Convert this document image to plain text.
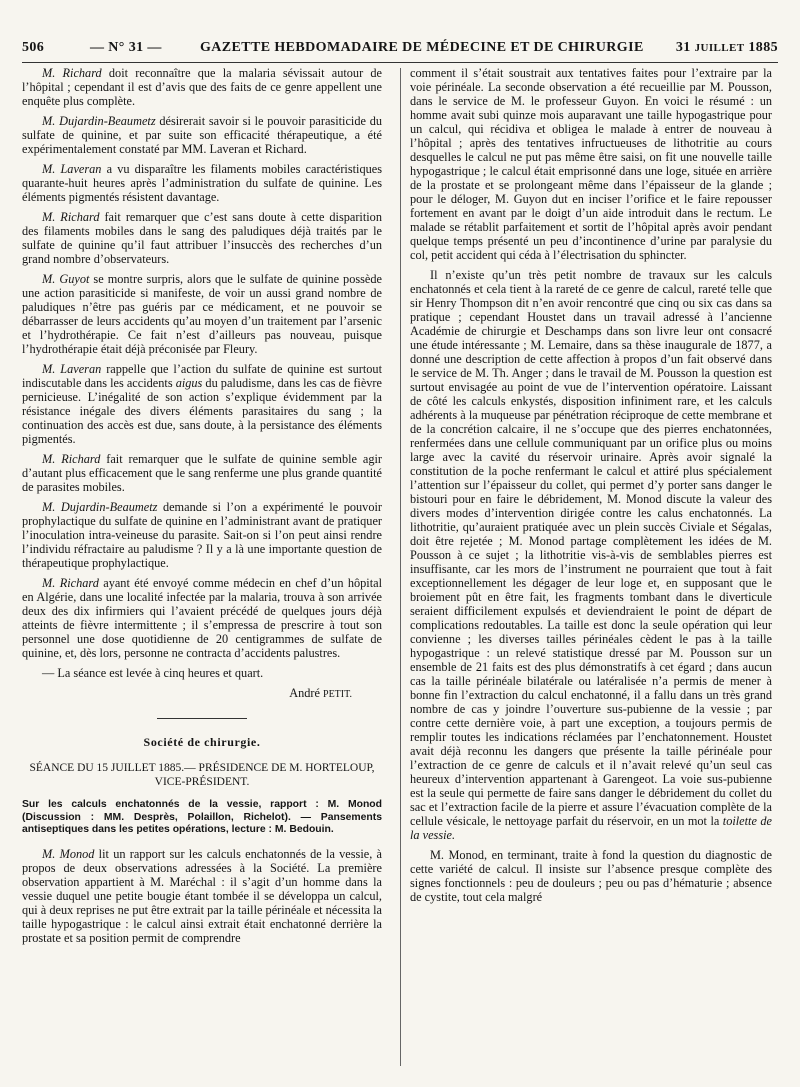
506	— N° 31 —	GAZETTE HEBDOMADAIRE DE MÉDECINE ET DE CHIRURGIE 31 JUILLET 1885

M. Richard doit reconnaître que la malaria sévissait autour de l’hôpital ; cependant il est d’avis que des faits de ce genre appellent une enquête plus complète.

M. Dujardin-Beaumetz désirerait savoir si le pouvoir parasiticide du sulfate de quinine, et par suite son efficacité thérapeutique, a été expérimentalement constaté par MM. Laveran et Richard.

M. Laveran a vu disparaître les filaments mobiles caractéristiques quarante-huit heures après l’administration du sulfate de quinine. Les éléments pigmentés résistent davantage.

M. Richard fait remarquer que c’est sans doute à cette disparition des filaments mobiles dans le sang des paludiques déjà traités par le sulfate de quinine qu’il faut attribuer l’insuccès des recherches d’un grand nombre d’observateurs.

M. Guyot se montre surpris, alors que le sulfate de quinine possède une action parasiticide si manifeste, de voir un aussi grand nombre de paludiques n’être pas guéris par ce médicament, et ne pouvoir se débarrasser de leurs accidents qu’au moyen d’un traitement par l’arsenic et l’hydrothérapie. Ce fait n’est d’ailleurs pas nouveau, puisque l’hydrothérapie était déjà préconisée par Fleury.

M. Laveran rappelle que l’action du sulfate de quinine est surtout indiscutable dans les accidents aigus du paludisme, dans les cas de fièvre pernicieuse. L’inégalité de son action s’explique évidemment par la résistance inégale des divers éléments parasitaires du sang ; la continuation des accès est due, sans doute, à la persistance des éléments pigmentés.

M. Richard fait remarquer que le sulfate de quinine semble agir d’autant plus efficacement que le sang renferme une plus grande quantité de parasites mobiles.

M. Dujardin-Beaumetz demande si l’on a expérimenté le pouvoir prophylactique du sulfate de quinine en l’administrant avant de pratiquer l’inoculation intra-veineuse du parasite. Sait-on si l’on peut ainsi rendre l’individu réfractaire au paludisme ? Il y a là une importante question de thérapeutique prophylactique.

M. Richard ayant été envoyé comme médecin en chef d’un hôpital en Algérie, dans une localité infectée par la malaria, trouva à son arrivée deux des dix infirmiers qui l’avaient précédé de quelques jours déjà atteints de fièvre intermittente ; il s’empressa de prescrire à tout son personnel une dose quotidienne de 20 centigrammes de sulfate de quinine, et, dès lors, personne ne contracta d’accidents palustres.

— La séance est levée à cinq heures et quart.

André PETIT.
Société de chirurgie.
SÉANCE DU 15 JUILLET 1885.— PRÉSIDENCE DE M. HORTELOUP,
VICE-PRÉSIDENT.
Sur les calculs enchatonnés de la vessie, rapport : M. Monod (Discussion : MM. Desprès, Polaillon, Richelot). — Pansements antiseptiques dans les petites opérations, lecture : M. Bedouin.

M. Monod lit un rapport sur les calculs enchatonnés de la vessie, à propos de deux observations adressées à la Société. La première observation appartient à M. Maréchal : il s’agit d’un homme dans la vessie duquel une petite bougie étant tombée il se développa un calcul, qui à deux reprises ne put être extrait par la taille périnéale et nécessita la taille hypogastrique : le calcul ainsi extrait était enchatonné derrière la prostate et sa position permit de comprendre

comment il s’était soustrait aux tentatives faites pour l’extraire par la voie périnéale. La seconde observation a été recueillie par M. Pousson, dans le service de M. le professeur Guyon. En voici le résumé : un homme avait subi quinze mois auparavant une taille hypogastrique pour un calcul, qui récidiva et obligea le malade à entrer de nouveau à l’hôpital ; après des tentatives infructueuses de lithotritie au cours desquelles le calcul ne put pas même être saisi, on fit une nouvelle taille hypogastrique ; le calcul était emprisonné dans une loge, située en arrière de la prostate et se prolongeant même dans l’épaisseur de la glande ; pour le déloger, M. Guyon dut en inciser l’orifice et le faire repousser fortement en avant par le doigt d’un aide introduit dans le rectum. Le malade se rétablit parfaitement et sortit de l’hôpital après avoir pendant quelque temps présenté un peu d’incontinence d’urine par paralysie du col, petit accident qui céda à l’électrisation du sphincter.

Il n’existe qu’un très petit nombre de travaux sur les calculs enchatonnés et cela tient à la rareté de ce genre de calcul, rareté telle que sir Henry Thompson dit n’en avoir rencontré que cinq ou six cas dans sa pratique ; cependant Houstet dans un travail adressé à l’ancienne Académie de chirurgie et Deschamps dans son livre leur ont consacré une étude intéressante ; M. Lemaire, dans sa thèse inaugurale de 1877, a donné une description de cette affection à propos d’un fait observé dans le service de M. Th. Anger ; dans le travail de M. Pousson la question est surtout envisagée au point de vue de l’intervention opératoire. Laissant de côté les calculs enkystés, disposition infiniment rare, et les calculs adhérents à la muqueuse par pénétration réciproque de cette membrane et de la concrétion calcaire, il ne s’occupe que des pierres enchatonnées, renfermées dans une cellule communiquant par un orifice plus ou moins large avec la cavité du réservoir urinaire. Après avoir signalé la constitution de la poche renfermant le calcul et attiré plus spécialement l’attention sur l’épaisseur du collet, qui permet d’y porter sans danger le bistouri pour en faire le débridement, M. Monod discute la valeur des divers modes d’intervention dirigée contre les calus enchatonnés. La lithotritie, qu’auraient pratiquée avec un plein succès Civiale et Ségalas, doit être rejetée ; M. Monod partage complètement les idées de M. Pousson à ce sujet ; la lithotritie vis-à-vis de semblables pierres est insuffisante, car les mors de l’instrument ne pourraient que tout à fait exceptionnellement les dégager de leur loge et, en supposant que le broiement pût en être fait, les fragments tombant dans le diverticule seraient difficilement expulsés et deviendraient le point de départ de complications redoutables. La taille est donc la seule opération qui leur convienne ; les diverses tailles périnéales cèdent le pas à la taille hypogastrique : un relevé statistique dressé par M. Pousson sur un ensemble de 21 faits est des plus démonstratifs à cet égard ; dans aucun cas la taille périnéale bilatérale ou latéralisée n’a permis de mener à bonne fin l’extraction du calcul enchatonné, il a fallu dans un très grand nombre de cas y joindre l’ouverture sus-pubienne de la vessie ; par contre cette dernière voie, à part une exception, a toujours permis de remplir toutes les indications réclamées par l’enchatonnement. Houstet avait déjà reconnu les dangers que présente la taille périnéale pour l’extraction de ce genre de calculs et il n’avait relevé qu’un seul cas heureux d’intervention appartenant à Garengeot. La voie sus-pubienne est la seule qui permette de faire sans danger le débridement du collet du sac et l’extraction facile de la pierre et assure l’évacuation complète de la cellule vésicale, le nettoyage parfait du réservoir, en un mot la toilette de la vessie.

M. Monod, en terminant, traite à fond la question du diagnostic de cette variété de calcul. Il insiste sur l’absence presque complète des signes fonctionnels : peu de douleurs ; peu ou pas d’hématurie ; absence de cystite, tout cela malgré
